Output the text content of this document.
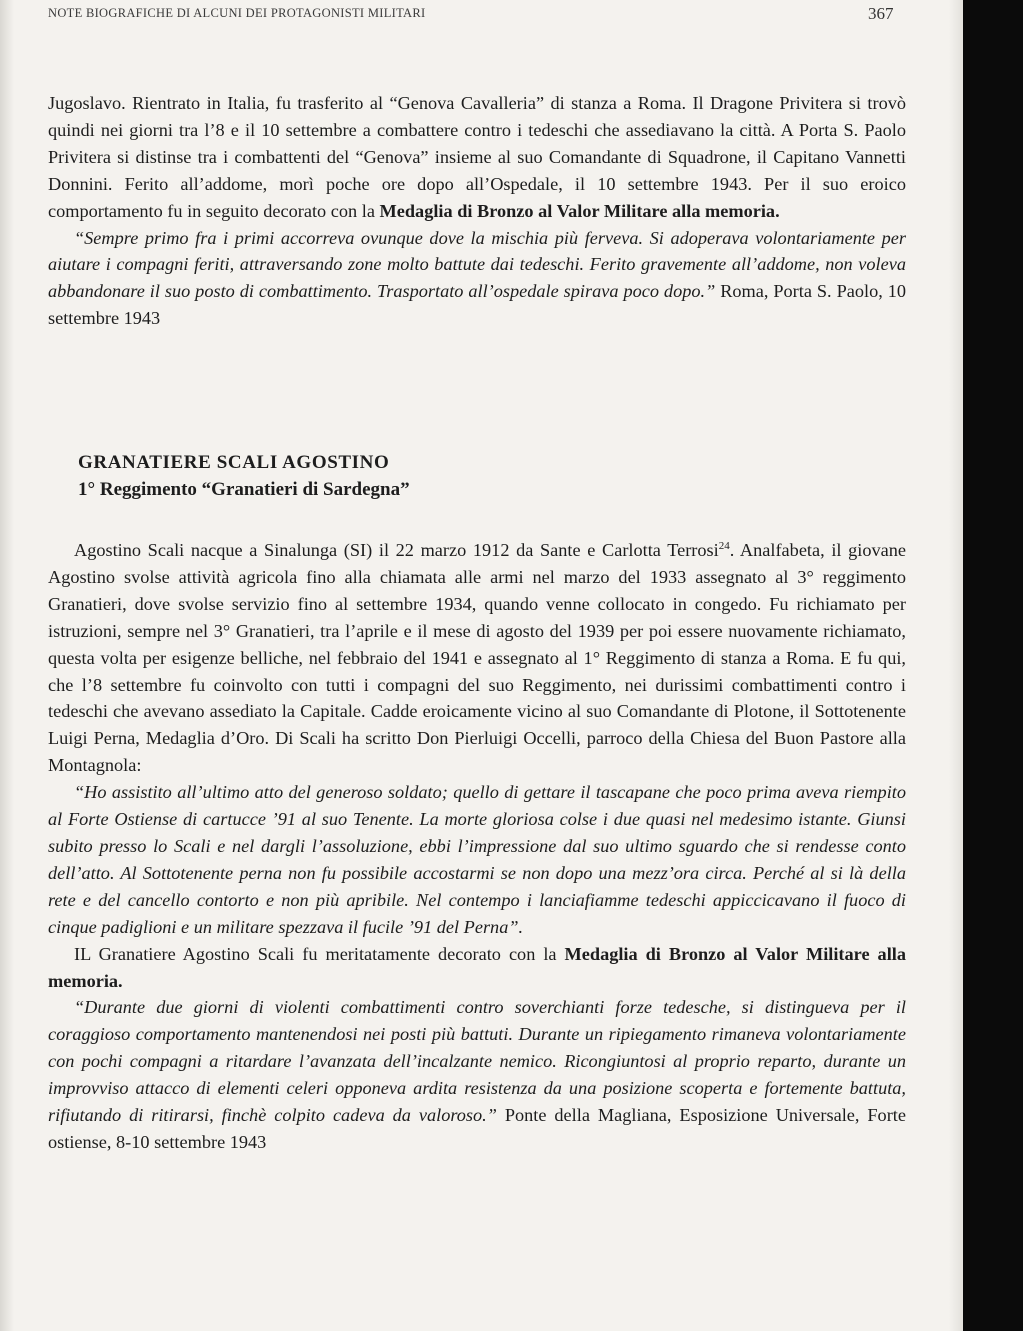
NOTE BIOGRAFICHE DI ALCUNI DEI PROTAGONISTI MILITARI	367

Jugoslavo. Rientrato in Italia, fu trasferito al “Genova Cavalleria” di stanza a Roma. Il Dragone Privitera si trovò quindi nei giorni tra l’8 e il 10 settembre a combattere contro i tedeschi che assediavano la città. A Porta S. Paolo Privitera si distinse tra i combattenti del “Genova” insieme al suo Comandante di Squadrone, il Capitano Vannetti Donnini. Ferito all’addome, morì poche ore dopo all’Ospedale, il 10 settembre 1943. Per il suo eroico comportamento fu in seguito decorato con la Medaglia di Bronzo al Valor Militare alla memoria.

“Sempre primo fra i primi accorreva ovunque dove la mischia più ferveva. Si adoperava volontariamente per aiutare i compagni feriti, attraversando zone molto battute dai tedeschi. Ferito gravemente all’addome, non voleva abbandonare il suo posto di combattimento. Trasportato all’ospedale spirava poco dopo.” Roma, Porta S. Paolo, 10 settembre 1943

GRANATIERE SCALI AGOSTINO
1° Reggimento “Granatieri di Sardegna”

Agostino Scali nacque a Sinalunga (SI) il 22 marzo 1912 da Sante e Carlotta Terrosi$^{24}$. Analfabeta, il giovane Agostino svolse attività agricola fino alla chiamata alle armi nel marzo del 1933 assegnato al 3° reggimento Granatieri, dove svolse servizio fino al settembre 1934, quando venne collocato in congedo. Fu richiamato per istruzioni, sempre nel 3° Granatieri, tra l’aprile e il mese di agosto del 1939 per poi essere nuovamente richiamato, questa volta per esigenze belliche, nel febbraio del 1941 e assegnato al 1° Reggimento di stanza a Roma. E fu qui, che l’8 settembre fu coinvolto con tutti i compagni del suo Reggimento, nei durissimi combattimenti contro i tedeschi che avevano assediato la Capitale. Cadde eroicamente vicino al suo Comandante di Plotone, il Sottotenente Luigi Perna, Medaglia d’Oro. Di Scali ha scritto Don Pierluigi Occelli, parroco della Chiesa del Buon Pastore alla Montagnola:

“Ho assistito all’ultimo atto del generoso soldato; quello di gettare il tascapane che poco prima aveva riempito al Forte Ostiense di cartucce ’91 al suo Tenente. La morte gloriosa colse i due quasi nel medesimo istante. Giunsi subito presso lo Scali e nel dargli l’assoluzione, ebbi l’impressione dal suo ultimo sguardo che si rendesse conto dell’atto. Al Sottotenente perna non fu possibile accostarmi se non dopo una mezz’ora circa. Perché al si là della rete e del cancello contorto e non più apribile. Nel contempo i lanciafiamme tedeschi appiccicavano il fuoco di cinque padiglioni e un militare spezzava il fucile ’91 del Perna”.

IL Granatiere Agostino Scali fu meritatamente decorato con la Medaglia di Bronzo al Valor Militare alla memoria.

“Durante due giorni di violenti combattimenti contro soverchianti forze tedesche, si distingueva per il coraggioso comportamento mantenendosi nei posti più battuti. Durante un ripiegamento rimaneva volontariamente con pochi compagni a ritardare l’avanzata dell’incalzante nemico. Ricongiuntosi al proprio reparto, durante un improvviso attacco di elementi celeri opponeva ardita resistenza da una posizione scoperta e fortemente battuta, rifiutando di ritirarsi, finchè colpito cadeva da valoroso.” Ponte della Magliana, Esposizione Universale, Forte ostiense, 8-10 settembre 1943
